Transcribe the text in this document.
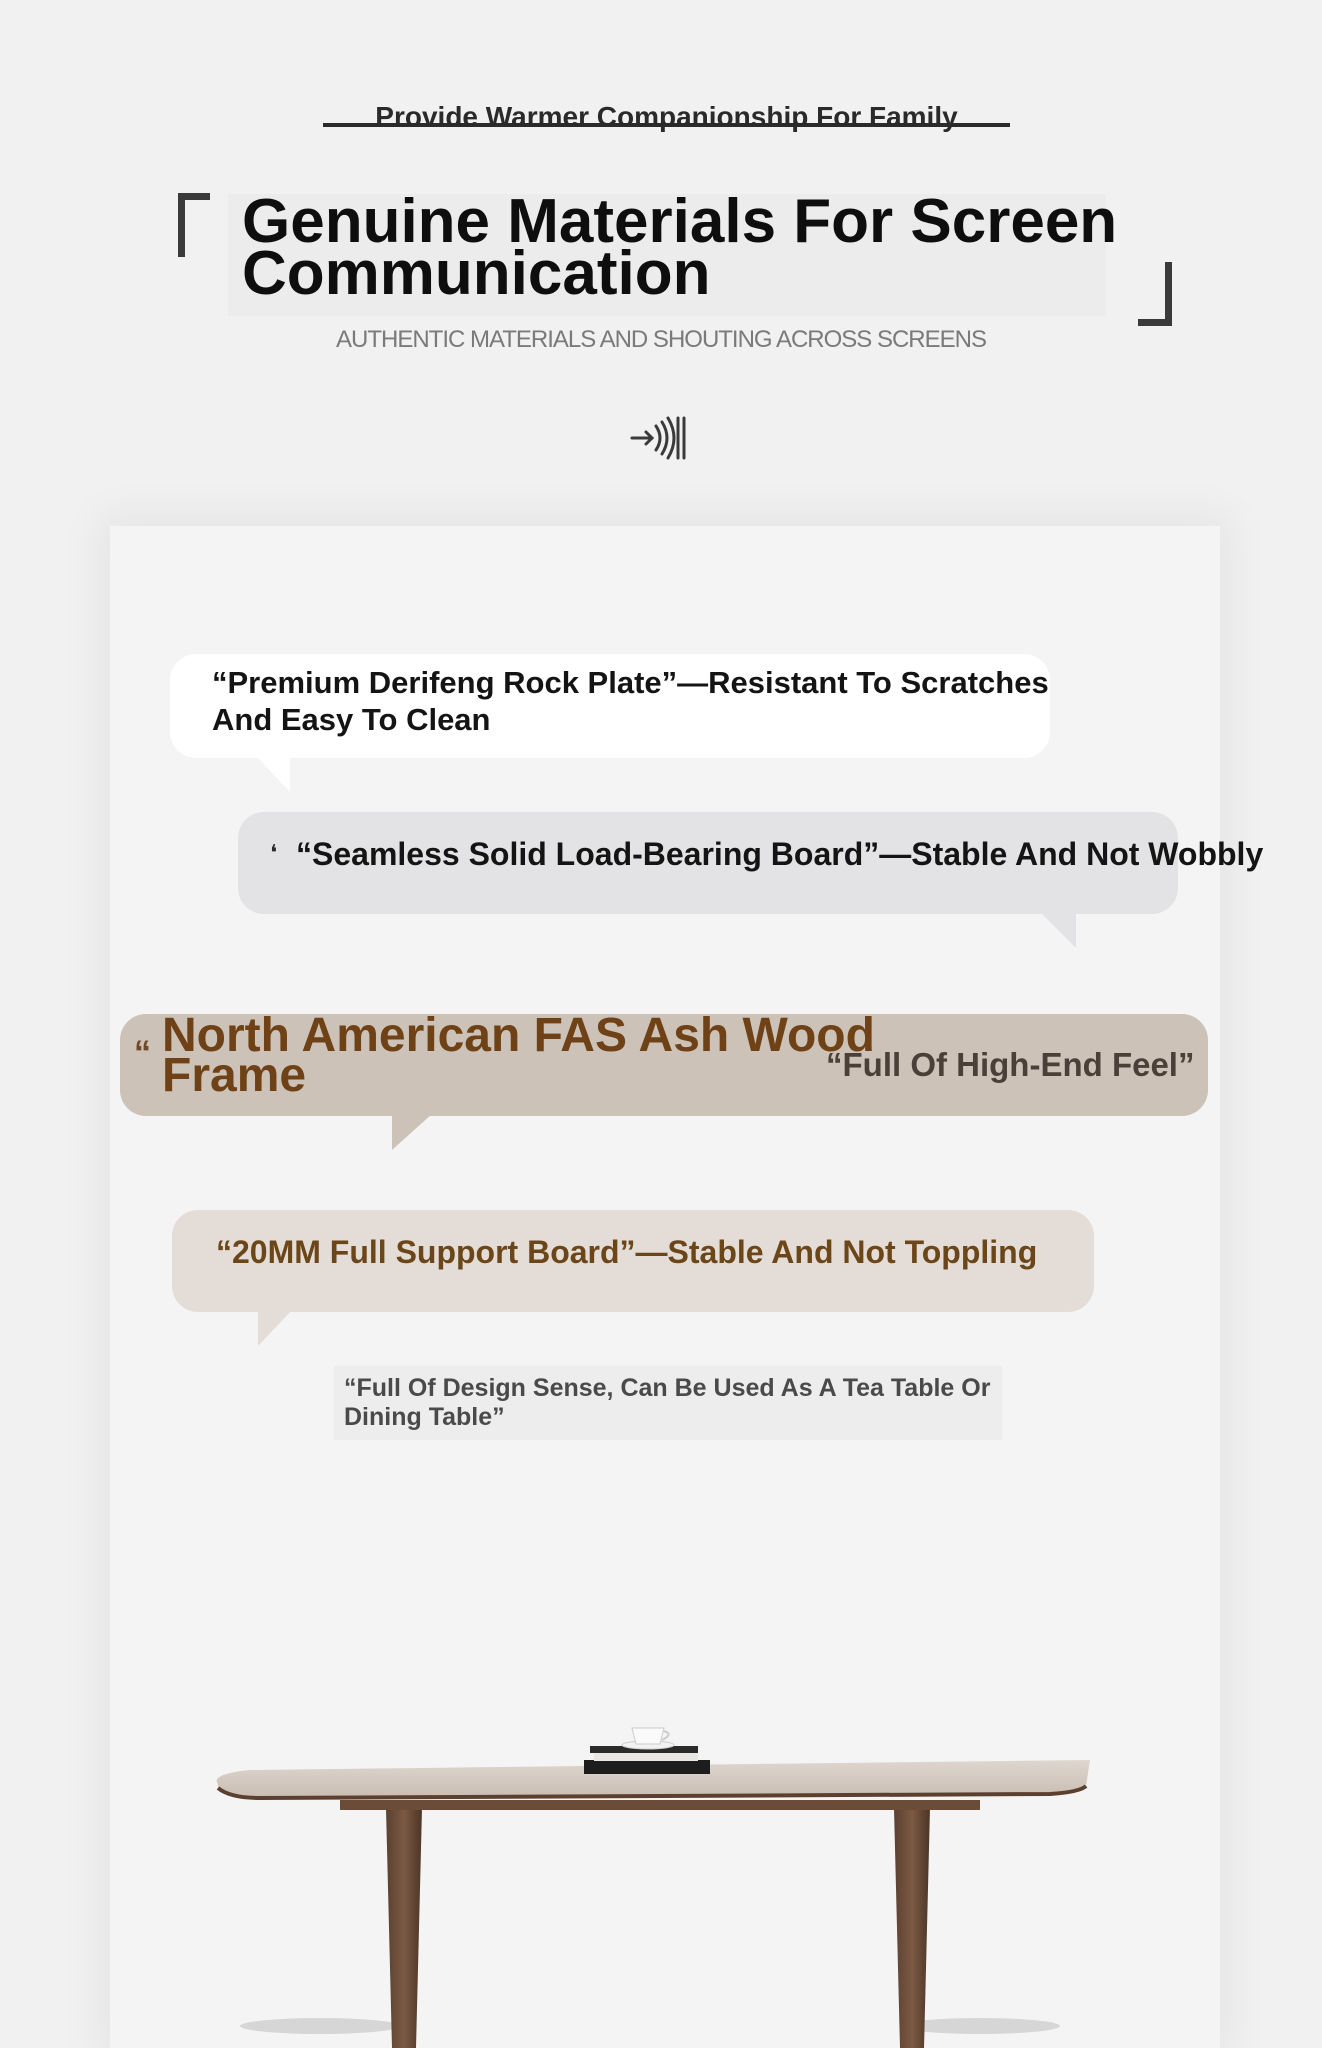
Provide Warmer Companionship For Family
Genuine Materials For Screen Communication
AUTHENTIC MATERIALS AND SHOUTING ACROSS SCREENS
“Premium Derifeng Rock Plate”—Resistant To Scratches And Easy To Clean
❛ “Seamless Solid Load-Bearing Board”—Stable And Not Wobbly
“ North American FAS Ash Wood Frame	“Full Of High-End Feel”
“20MM Full Support Board”—Stable And Not Toppling
“Full Of Design Sense, Can Be Used As A Tea Table Or Dining Table”
